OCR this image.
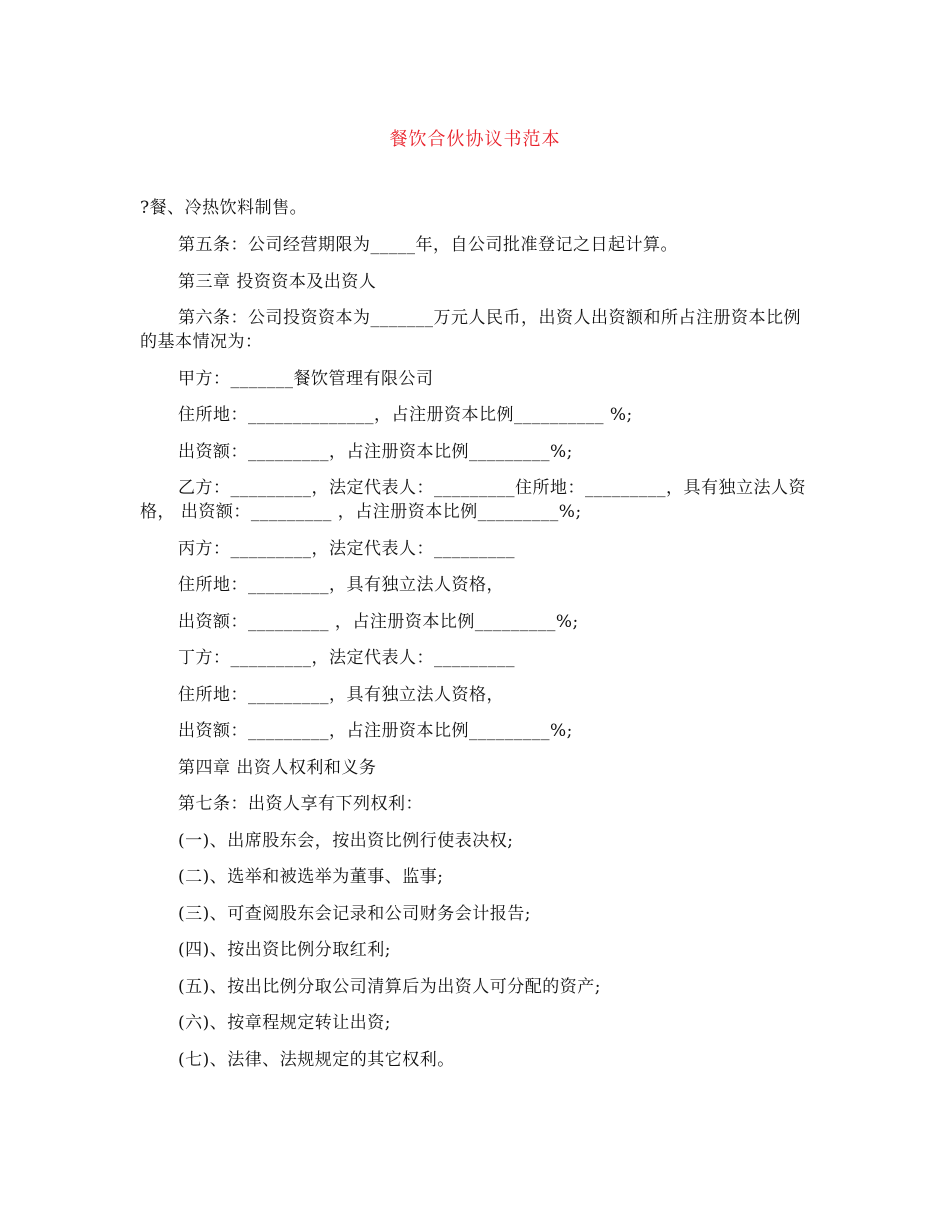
餐饮合伙协议书范本

?餐、冷热饮料制售。

第五条：公司经营期限为_____年，自公司批准登记之日起计算。

第三章 投资资本及出资人

第六条：公司投资资本为_______万元人民币，出资人出资额和所占注册资本比例的基本情况为：

甲方：_______餐饮管理有限公司

住所地：______________，占注册资本比例__________ %;

出资额：_________，占注册资本比例_________%;

乙方：_________，法定代表人：_________住所地：_________，具有独立法人资格， 出资额：_________ ，占注册资本比例_________%;

丙方：_________，法定代表人：_________

住所地：_________，具有独立法人资格，

出资额：_________ ，占注册资本比例_________%;

丁方：_________，法定代表人：_________

住所地：_________，具有独立法人资格，

出资额：_________，占注册资本比例_________%;

第四章 出资人权利和义务

第七条：出资人享有下列权利：

(一)、出席股东会，按出资比例行使表决权;

(二)、选举和被选举为董事、监事;

(三)、可查阅股东会记录和公司财务会计报告;

(四)、按出资比例分取红利;

(五)、按出比例分取公司清算后为出资人可分配的资产;

(六)、按章程规定转让出资;

(七)、法律、法规规定的其它权利。
